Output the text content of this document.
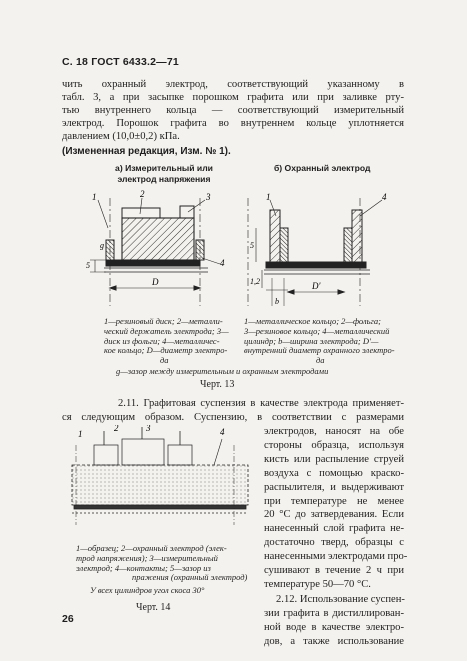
С. 18 ГОСТ 6433.2—71
чить охранный электрод, соответствующий указанному в
табл. 3, а при засыпке порошком графита или при заливке рту-
тью внутреннего кольца — соответствующий измерительный
электрод. Порошок графита во внутреннем кольце уплотняется
давлением (10,0±0,2) кПа.
(Измененная редакция, Изм. № 1).
а) Измерительный или
электрод напряжения
б) Охранный электрод
1	2	3
4
D
g
5
1	4
D'
b
1,2
5
1—резиновый диск; 2—металли-
ческий держатель электрода; 3—
диск из фольги; 4—металличес-
кое кольцо; D—диаметр электро-
да
1—металлическое кольцо; 2—фольга;
3—резиновое кольцо; 4—металлический
цилиндр; b—ширина электрода; D'—
внутренний диаметр охранного электро-
да
g—зазор между измерительным и охранным электродами
Черт. 13
2.11. Графитовая суспензия в качестве электрода применяет-
ся следующим образом. Суспензию, в соответствии с размерами
электродов, наносят на обе
стороны образца, используя
кисть или распыление струей
воздуха с помощью краско-
распылителя, и выдерживают
при температуре не менее
20 °С до затвердевания. Если
нанесенный слой графита не-
достаточно тверд, образцы с
нанесенными электродами про-
сушивают в течение 2 ч при
температуре 50—70 °С.
2.12. Использование суспен-
зии графита в дистиллирован-
ной воде в качестве электро-
дов, а также использование
1
2	3	4
1—образец; 2—охранный электрод (элек-
трод напряжения); 3—измерительный
электрод; 4—контакты; 5—зазор из
пражения (охранный электрод)
У всех цилиндров угол скоса 30°
Черт. 14
26
